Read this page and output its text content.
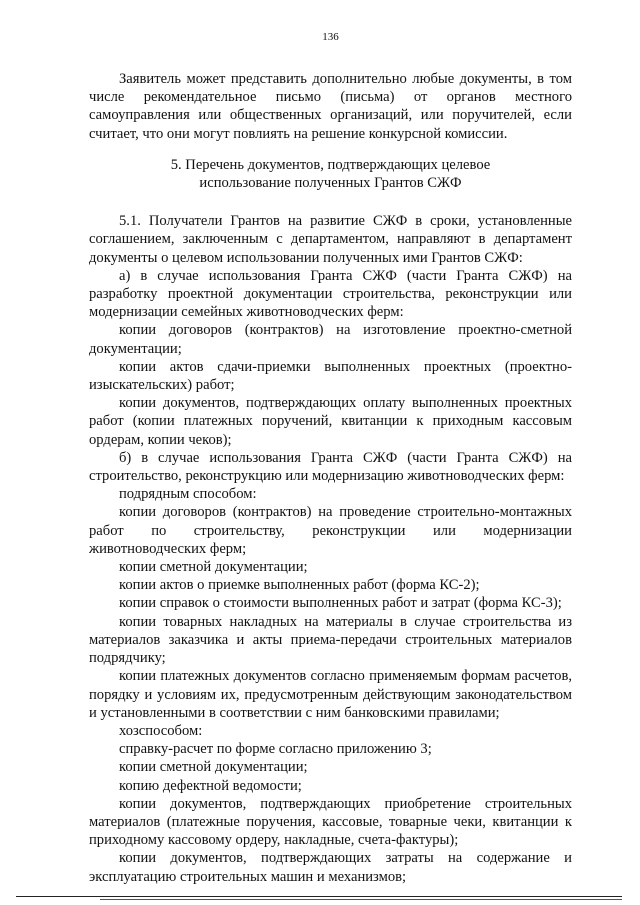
136

Заявитель может представить дополнительно любые документы, в том числе рекомендательное письмо (письма) от органов местного самоуправления или общественных организаций, или поручителей, если считает, что они могут повлиять на решение конкурсной комиссии.

5. Перечень документов, подтверждающих целевое
использование полученных Грантов СЖФ

5.1. Получатели Грантов на развитие СЖФ в сроки, установленные соглашением, заключенным с департаментом, направляют в департамент документы о целевом использовании полученных ими Грантов СЖФ:

а) в случае использования Гранта СЖФ (части Гранта СЖФ) на разработку проектной документации строительства, реконструкции или модернизации семейных животноводческих ферм:

копии договоров (контрактов) на изготовление проектно-сметной документации;

копии актов сдачи-приемки выполненных проектных (проектно-изыскательских) работ;

копии документов, подтверждающих оплату выполненных проектных работ (копии платежных поручений, квитанции к приходным кассовым ордерам, копии чеков);

б) в случае использования Гранта СЖФ (части Гранта СЖФ) на строительство, реконструкцию или модернизацию животноводческих ферм:

подрядным способом:

копии договоров (контрактов) на проведение строительно-монтажных работ по строительству, реконструкции или модернизации животноводческих ферм;

копии сметной документации;

копии актов о приемке выполненных работ (форма КС-2);

копии справок о стоимости выполненных работ и затрат (форма КС-3);

копии товарных накладных на материалы в случае строительства из материалов заказчика и акты приема-передачи строительных материалов подрядчику;

копии платежных документов согласно применяемым формам расчетов, порядку и условиям их, предусмотренным действующим законодательством и установленными в соответствии с ним банковскими правилами;

хозспособом:

справку-расчет по форме согласно приложению 3;

копии сметной документации;

копию дефектной ведомости;

копии документов, подтверждающих приобретение строительных материалов (платежные поручения, кассовые, товарные чеки, квитанции к приходному кассовому ордеру, накладные, счета-фактуры);

копии документов, подтверждающих затраты на содержание и эксплуатацию строительных машин и механизмов;
